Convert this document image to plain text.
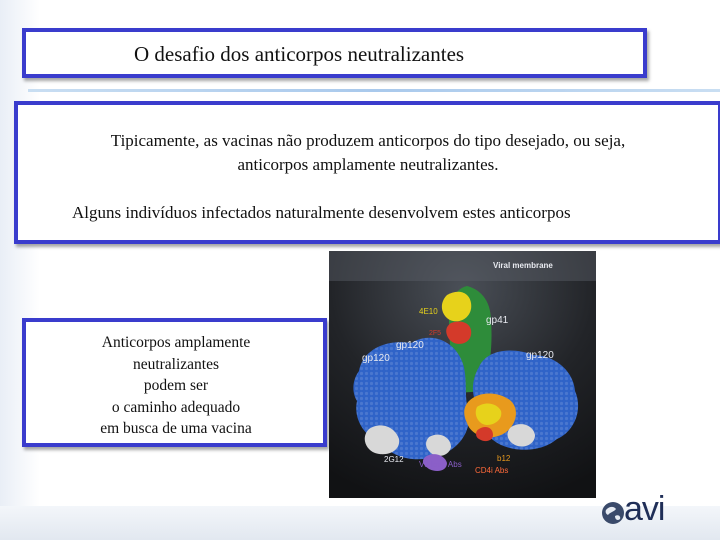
O desafio dos anticorpos neutralizantes
Tipicamente, as vacinas não produzem anticorpos do tipo desejado, ou seja,
anticorpos amplamente neutralizantes.
Alguns indivíduos infectados naturalmente desenvolvem estes anticorpos
Anticorpos amplamente
neutralizantes
podem ser
o caminho adequado
em busca de uma vacina
Viral membrane
4E10
2F5
gp41
gp120
gp120	gp120
2G12
V3 loop Abs
CD4i Abs
b12
avi
